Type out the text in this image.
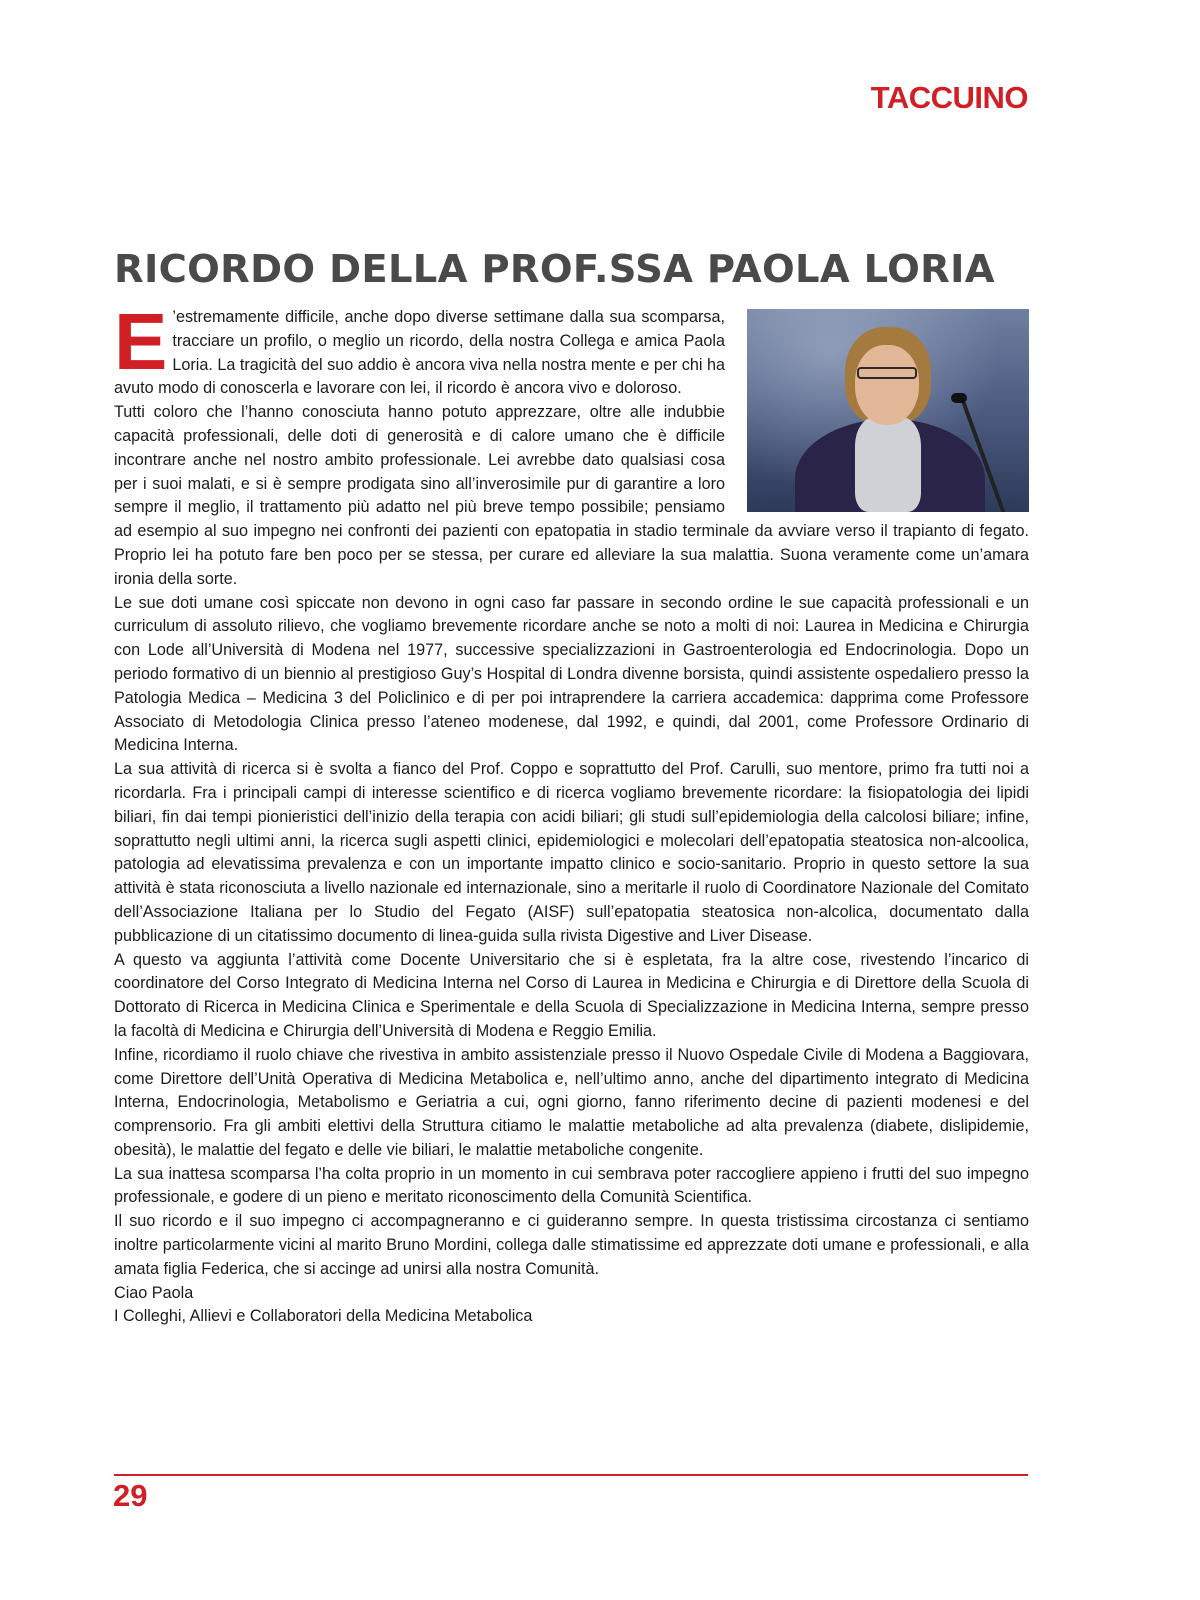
TACCUINO
RICORDO DELLA PROF.SSA PAOLA LORIA

E ’estremamente difficile, anche dopo diverse settimane dalla sua scomparsa, tracciare un profilo, o meglio un ricordo, della nostra Collega e amica Paola Loria. La tragicità del suo addio è ancora viva nella nostra mente e per chi ha avuto modo di conoscerla e lavorare con lei, il ricordo è ancora vivo e doloroso.

Tutti coloro che l’hanno conosciuta hanno potuto apprezzare, oltre alle indubbie capacità professionali, delle doti di generosità e di calore umano che è difficile incontrare anche nel nostro ambito professionale. Lei avrebbe dato qualsiasi cosa per i suoi malati, e si è sempre prodigata sino all’inverosimile pur di garantire a loro sempre il meglio, il trattamento più adatto nel più breve tempo possibile; pensiamo ad esempio al suo impegno nei confronti dei pazienti con epatopatia in stadio terminale da avviare verso il trapianto di fegato. Proprio lei ha potuto fare ben poco per se stessa, per curare ed alleviare la sua malattia. Suona veramente come un’amara ironia della sorte.

Le sue doti umane così spiccate non devono in ogni caso far passare in secondo ordine le sue capacità professionali e un curriculum di assoluto rilievo, che vogliamo brevemente ricordare anche se noto a molti di noi: Laurea in Medicina e Chirurgia con Lode all’Università di Modena nel 1977, successive specializzazioni in Gastroenterologia ed Endocrinologia. Dopo un periodo formativo di un biennio al prestigioso Guy’s Hospital di Londra divenne borsista, quindi assistente ospedaliero presso la Patologia Medica – Medicina 3 del Policlinico e di per poi intraprendere la carriera accademica: dapprima come Professore Associato di Metodologia Clinica presso l’ateneo modenese, dal 1992, e quindi, dal 2001, come Professore Ordinario di Medicina Interna.

La sua attività di ricerca si è svolta a fianco del Prof. Coppo e soprattutto del Prof. Carulli, suo mentore, primo fra tutti noi a ricordarla. Fra i principali campi di interesse scientifico e di ricerca vogliamo brevemente ricordare: la fisiopatologia dei lipidi biliari, fin dai tempi pionieristici dell’inizio della terapia con acidi biliari; gli studi sull’epidemiologia della calcolosi biliare; infine, soprattutto negli ultimi anni, la ricerca sugli aspetti clinici, epidemiologici e molecolari dell’epatopatia steatosica non-alcoolica, patologia ad elevatissima prevalenza e con un importante impatto clinico e socio-sanitario. Proprio in questo settore la sua attività è stata riconosciuta a livello nazionale ed internazionale, sino a meritarle il ruolo di Coordinatore Nazionale del Comitato dell’Associazione Italiana per lo Studio del Fegato (AISF) sull’epatopatia steatosica non-alcolica, documentato dalla pubblicazione di un citatissimo documento di linea-guida sulla rivista Digestive and Liver Disease.

A questo va aggiunta l’attività come Docente Universitario che si è espletata, fra la altre cose, rivestendo l’incarico di coordinatore del Corso Integrato di Medicina Interna nel Corso di Laurea in Medicina e Chirurgia e di Direttore della Scuola di Dottorato di Ricerca in Medicina Clinica e Sperimentale e della Scuola di Specializzazione in Medicina Interna, sempre presso la facoltà di Medicina e Chirurgia dell’Università di Modena e Reggio Emilia.

Infine, ricordiamo il ruolo chiave che rivestiva in ambito assistenziale presso il Nuovo Ospedale Civile di Modena a Baggiovara, come Direttore dell’Unità Operativa di Medicina Metabolica e, nell’ultimo anno, anche del dipartimento integrato di Medicina Interna, Endocrinologia, Metabolismo e Geriatria a cui, ogni giorno, fanno riferimento decine di pazienti modenesi e del comprensorio. Fra gli ambiti elettivi della Struttura citiamo le malattie metaboliche ad alta prevalenza (diabete, dislipidemie, obesità), le malattie del fegato e delle vie biliari, le malattie metaboliche congenite.

La sua inattesa scomparsa l’ha colta proprio in un momento in cui sembrava poter raccogliere appieno i frutti del suo impegno professionale, e godere di un pieno e meritato riconoscimento della Comunità Scientifica.

Il suo ricordo e il suo impegno ci accompagneranno e ci guideranno sempre. In questa tristissima circostanza ci sentiamo inoltre particolarmente vicini al marito Bruno Mordini, collega dalle stimatissime ed apprezzate doti umane e professionali, e alla amata figlia Federica, che si accinge ad unirsi alla nostra Comunità.

Ciao Paola

I Colleghi, Allievi e Collaboratori della Medicina Metabolica

29
